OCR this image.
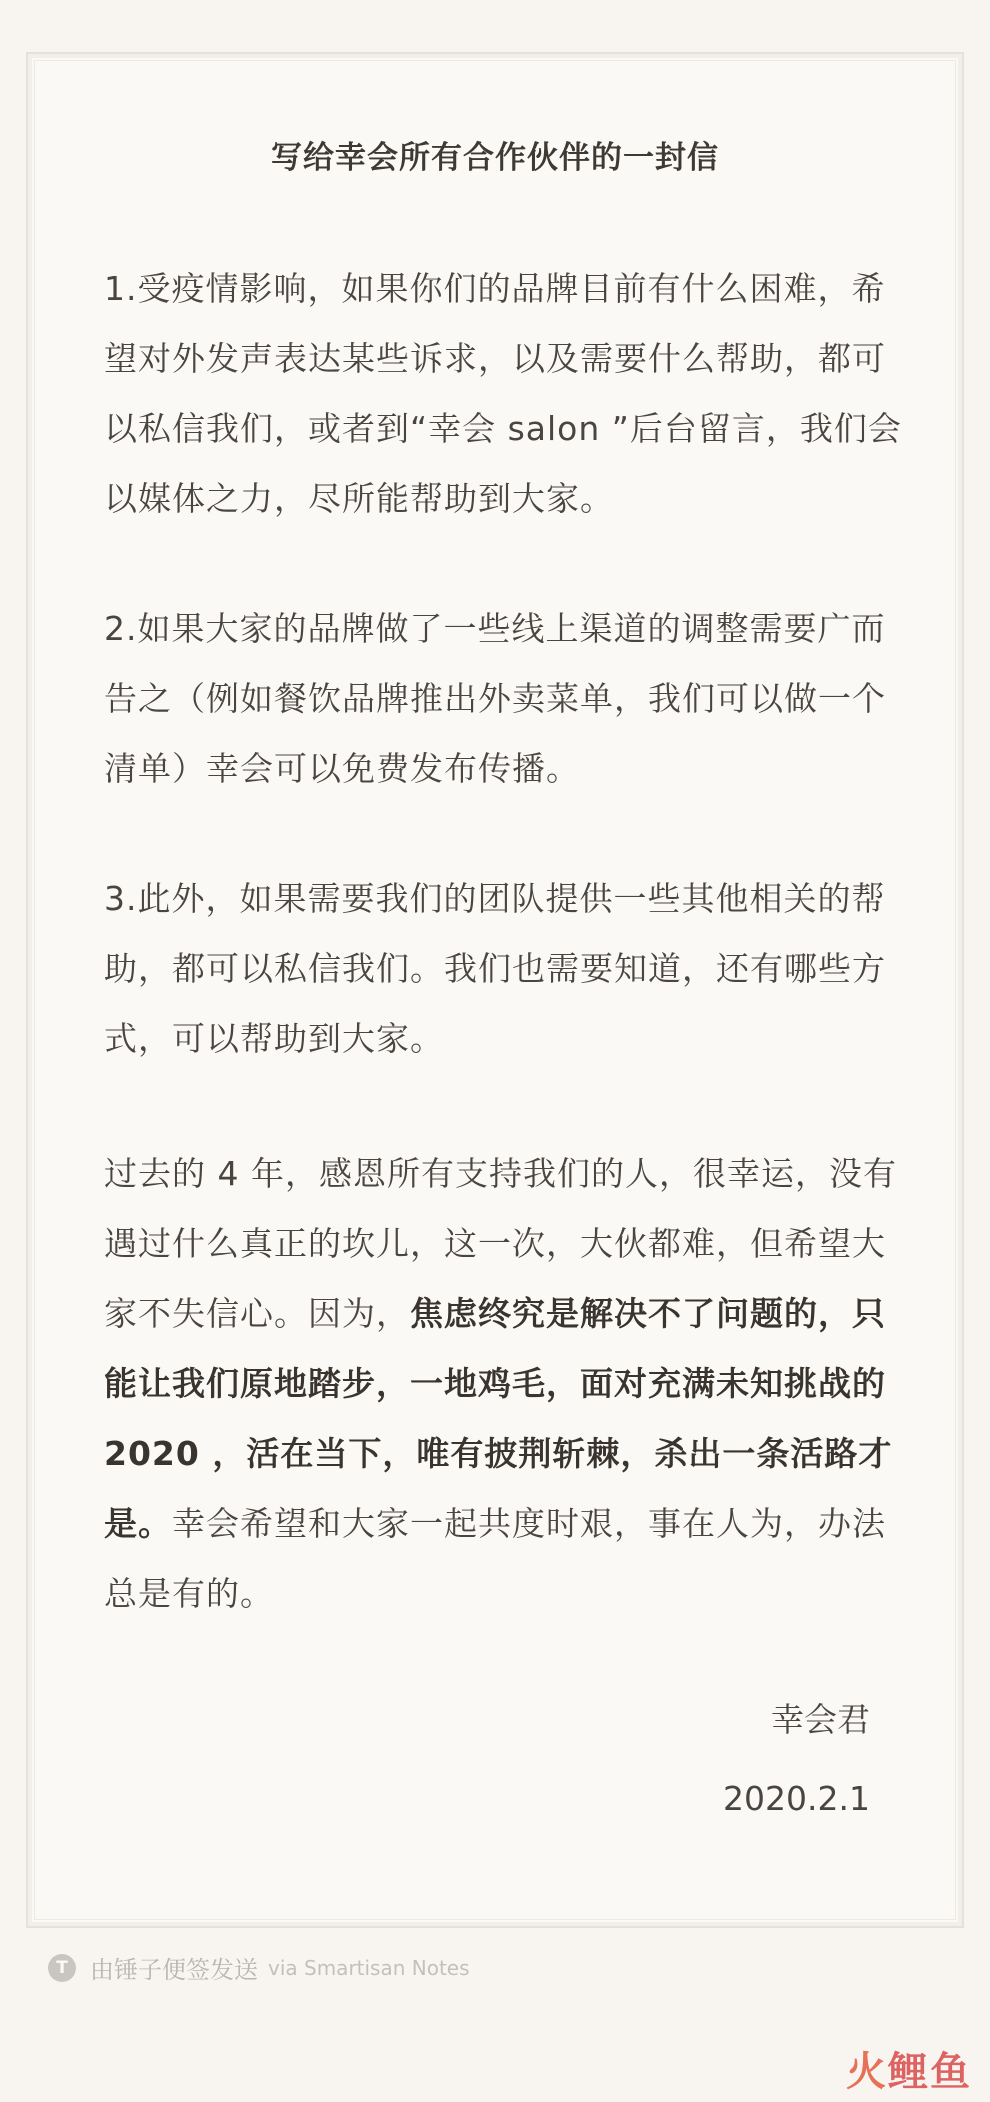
写给幸会所有合作伙伴的一封信

1.受疫情影响，如果你们的品牌目前有什么困难，希望对外发声表达某些诉求，以及需要什么帮助，都可以私信我们，或者到“幸会 salon ”后台留言，我们会以媒体之力，尽所能帮助到大家。

2.如果大家的品牌做了一些线上渠道的调整需要广而告之（例如餐饮品牌推出外卖菜单，我们可以做一个清单）幸会可以免费发布传播。

3.此外，如果需要我们的团队提供一些其他相关的帮助，都可以私信我们。我们也需要知道，还有哪些方式，可以帮助到大家。

过去的 4 年，感恩所有支持我们的人，很幸运，没有遇过什么真正的坎儿，这一次，大伙都难，但希望大家不失信心。因为，焦虑终究是解决不了问题的，只能让我们原地踏步，一地鸡毛，面对充满未知挑战的 2020 ，活在当下，唯有披荆斩棘，杀出一条活路才是。幸会希望和大家一起共度时艰，事在人为，办法总是有的。

幸会君
2020.2.1
T 由锤子便签发送 via Smartisan Notes
火鲤鱼
